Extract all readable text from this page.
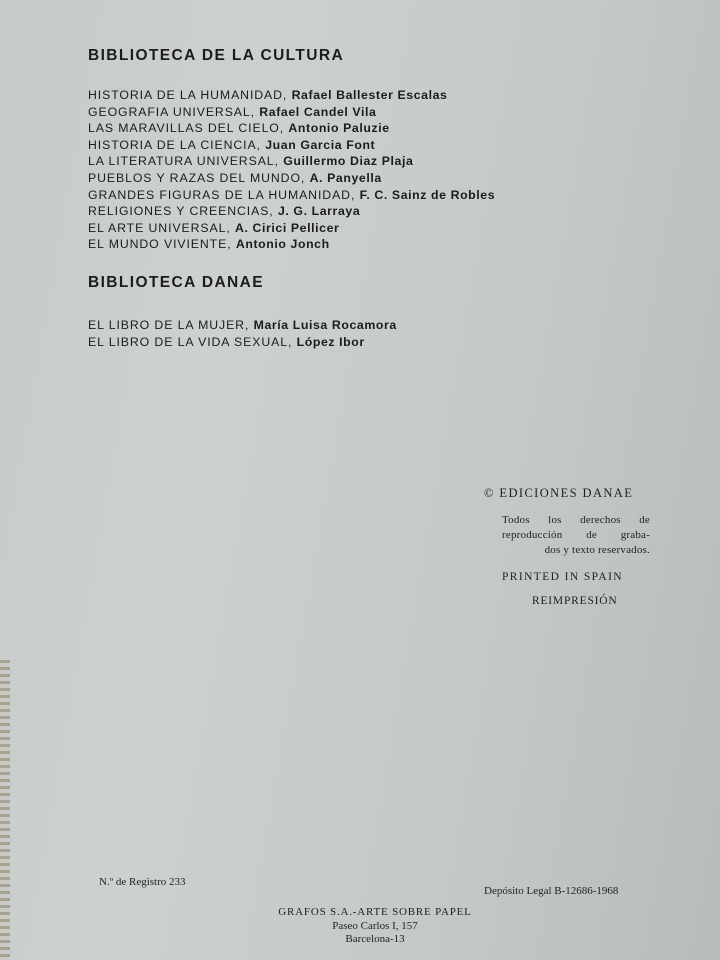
BIBLIOTECA DE LA CULTURA
HISTORIA DE LA HUMANIDAD, Rafael Ballester Escalas
GEOGRAFIA UNIVERSAL, Rafael Candel Vila
LAS MARAVILLAS DEL CIELO, Antonio Paluzie
HISTORIA DE LA CIENCIA, Juan Garcia Font
LA LITERATURA UNIVERSAL, Guillermo Diaz Plaja
PUEBLOS Y RAZAS DEL MUNDO, A. Panyella
GRANDES FIGURAS DE LA HUMANIDAD, F. C. Sainz de Robles
RELIGIONES Y CREENCIAS, J. G. Larraya
EL ARTE UNIVERSAL, A. Cirici Pellicer
EL MUNDO VIVIENTE, Antonio Jonch
BIBLIOTECA DANAE
EL LIBRO DE LA MUJER, María Luisa Rocamora
EL LIBRO DE LA VIDA SEXUAL, López Ibor

© EDICIONES DANAE

Todos los derechos de
reproducción de graba-
dos y texto reservados.

PRINTED IN SPAIN

REIMPRESIÓN

N.º de Registro 233
Depósito Legal B-12686-1968
GRAFOS S.A.-ARTE SOBRE PAPEL
Paseo Carlos I, 157
Barcelona-13
